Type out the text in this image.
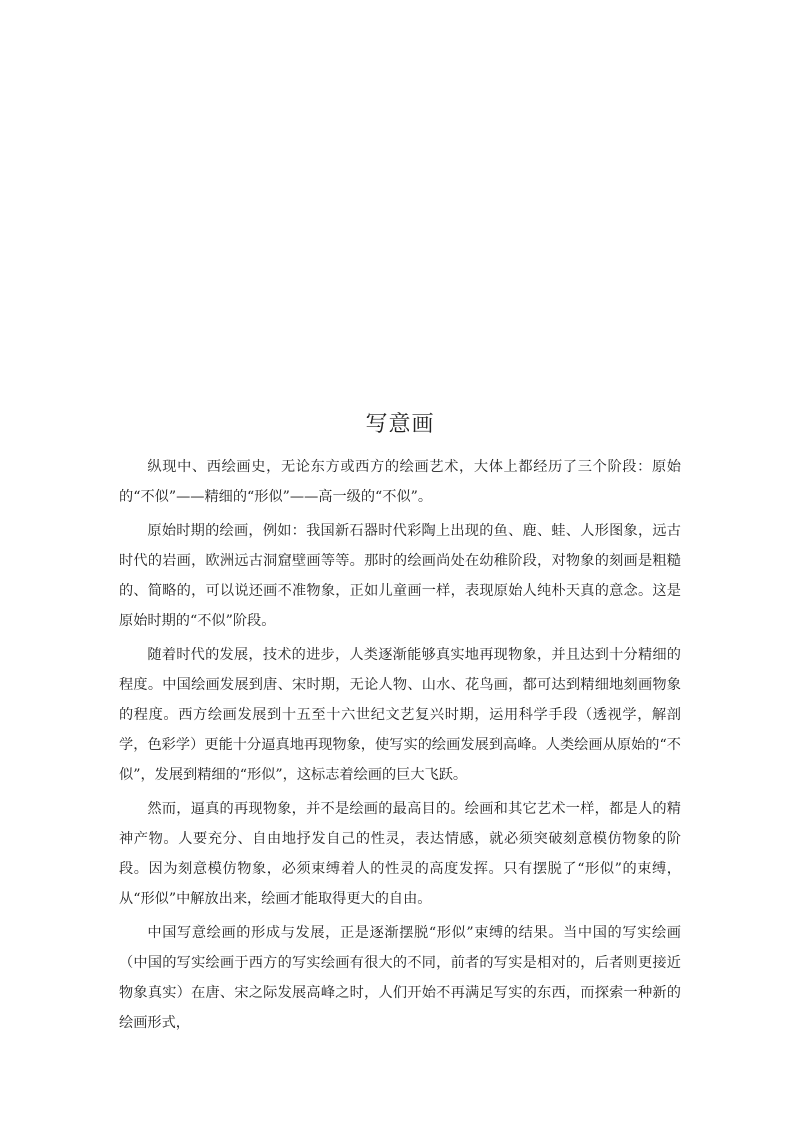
写意画

纵现中、西绘画史，无论东方或西方的绘画艺术，大体上都经历了三个阶段：原始的“不似”——精细的“形似”——高一级的“不似”。

原始时期的绘画，例如：我国新石器时代彩陶上出现的鱼、鹿、蛙、人形图象，远古时代的岩画，欧洲远古洞窟壁画等等。那时的绘画尚处在幼稚阶段，对物象的刻画是粗糙的、简略的，可以说还画不准物象，正如儿童画一样，表现原始人纯朴天真的意念。这是原始时期的“不似”阶段。

随着时代的发展，技术的进步，人类逐渐能够真实地再现物象，并且达到十分精细的程度。中国绘画发展到唐、宋时期，无论人物、山水、花鸟画，都可达到精细地刻画物象的程度。西方绘画发展到十五至十六世纪文艺复兴时期，运用科学手段（透视学，解剖学，色彩学）更能十分逼真地再现物象，使写实的绘画发展到高峰。人类绘画从原始的“不似”，发展到精细的“形似”，这标志着绘画的巨大飞跃。

然而，逼真的再现物象，并不是绘画的最高目的。绘画和其它艺术一样，都是人的精神产物。人要充分、自由地抒发自己的性灵，表达情感，就必须突破刻意模仿物象的阶段。因为刻意模仿物象，必须束缚着人的性灵的高度发挥。只有摆脱了“形似”的束缚，从“形似”中解放出来，绘画才能取得更大的自由。

中国写意绘画的形成与发展，正是逐渐摆脱“形似”束缚的结果。当中国的写实绘画（中国的写实绘画于西方的写实绘画有很大的不同，前者的写实是相对的，后者则更接近物象真实）在唐、宋之际发展高峰之时，人们开始不再满足写实的东西，而探索一种新的绘画形式，
